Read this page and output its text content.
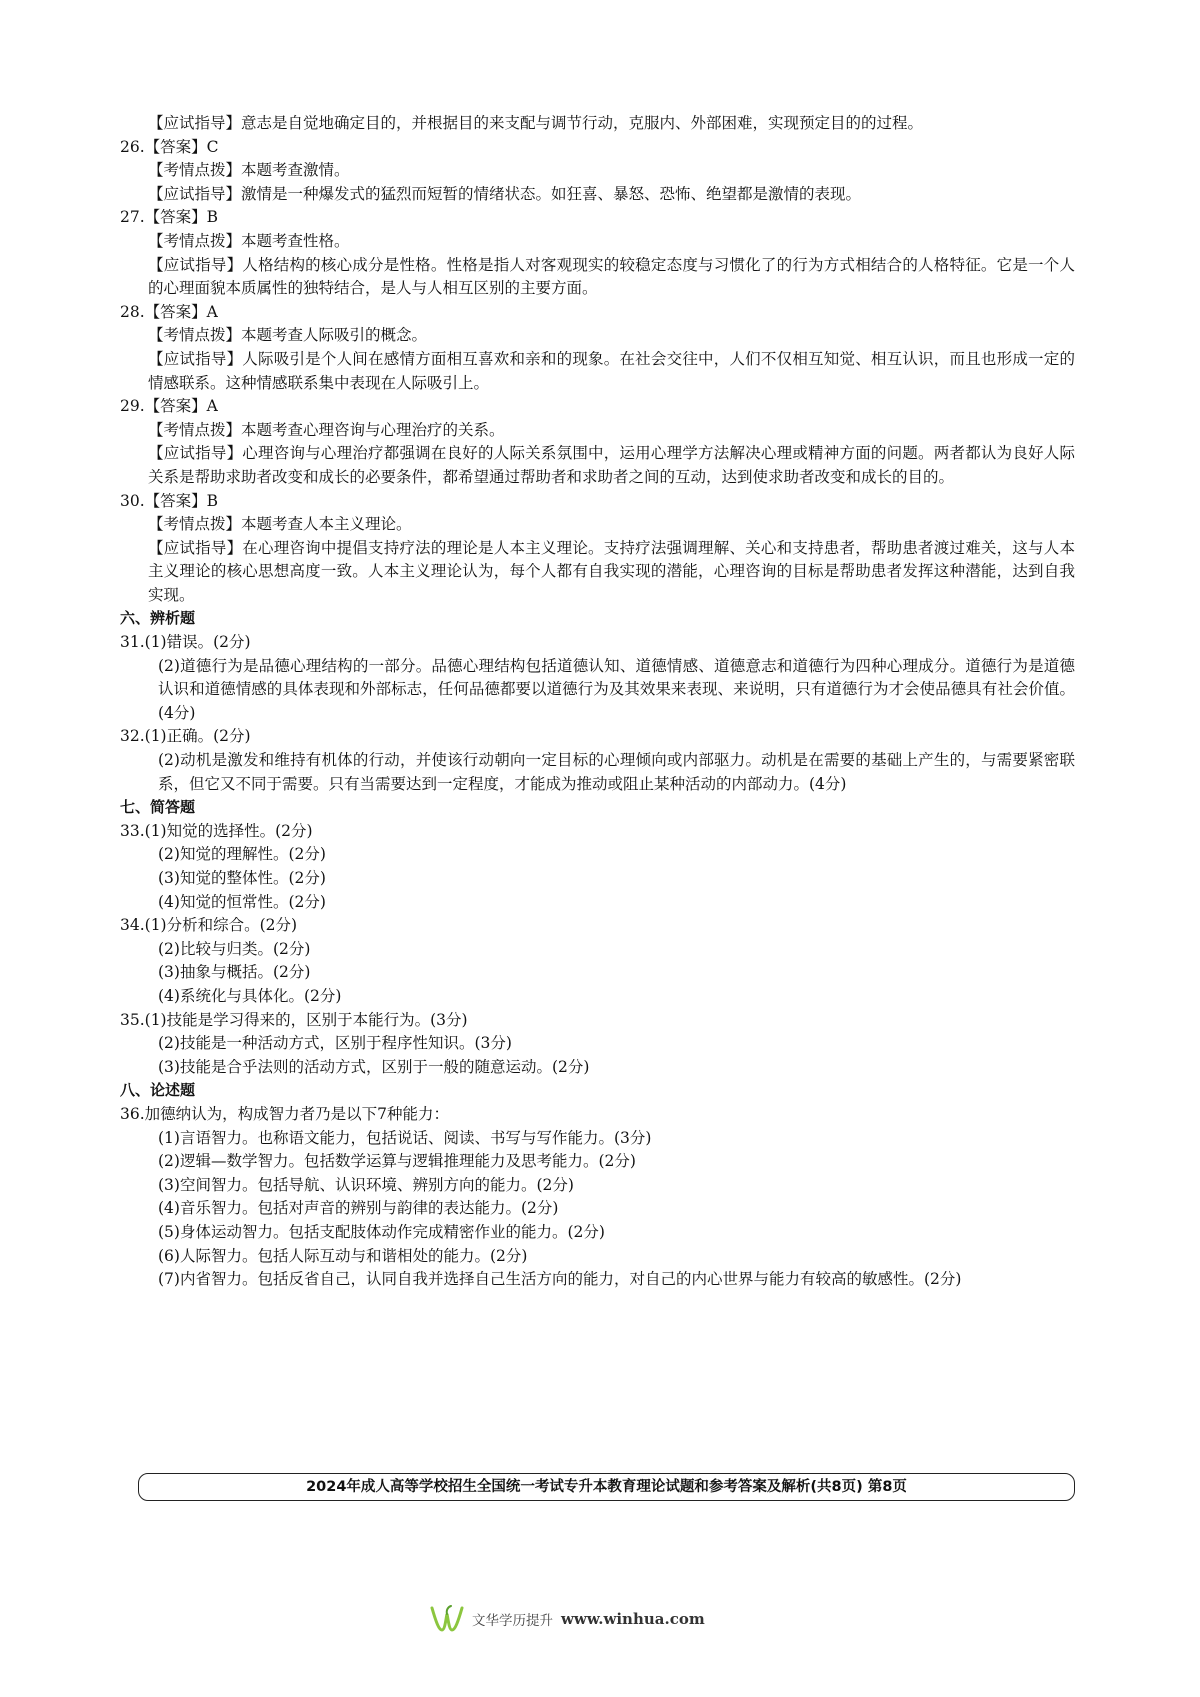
【应试指导】意志是自觉地确定目的，并根据目的来支配与调节行动，克服内、外部困难，实现预定目的的过程。
26.【答案】C
【考情点拨】本题考查激情。
【应试指导】激情是一种爆发式的猛烈而短暂的情绪状态。如狂喜、暴怒、恐怖、绝望都是激情的表现。
27.【答案】B
【考情点拨】本题考查性格。
【应试指导】人格结构的核心成分是性格。性格是指人对客观现实的较稳定态度与习惯化了的行为方式相结合的人格特征。它是一个人的心理面貌本质属性的独特结合，是人与人相互区别的主要方面。
28.【答案】A
【考情点拨】本题考查人际吸引的概念。
【应试指导】人际吸引是个人间在感情方面相互喜欢和亲和的现象。在社会交往中，人们不仅相互知觉、相互认识，而且也形成一定的情感联系。这种情感联系集中表现在人际吸引上。
29.【答案】A
【考情点拨】本题考查心理咨询与心理治疗的关系。
【应试指导】心理咨询与心理治疗都强调在良好的人际关系氛围中，运用心理学方法解决心理或精神方面的问题。两者都认为良好人际关系是帮助求助者改变和成长的必要条件，都希望通过帮助者和求助者之间的互动，达到使求助者改变和成长的目的。
30.【答案】B
【考情点拨】本题考查人本主义理论。
【应试指导】在心理咨询中提倡支持疗法的理论是人本主义理论。支持疗法强调理解、关心和支持患者，帮助患者渡过难关，这与人本主义理论的核心思想高度一致。人本主义理论认为，每个人都有自我实现的潜能，心理咨询的目标是帮助患者发挥这种潜能，达到自我实现。
六、辨析题
31.(1)错误。(2分)
(2)道德行为是品德心理结构的一部分。品德心理结构包括道德认知、道德情感、道德意志和道德行为四种心理成分。道德行为是道德认识和道德情感的具体表现和外部标志，任何品德都要以道德行为及其效果来表现、来说明，只有道德行为才会使品德具有社会价值。(4分)
32.(1)正确。(2分)
(2)动机是激发和维持有机体的行动，并使该行动朝向一定目标的心理倾向或内部驱力。动机是在需要的基础上产生的，与需要紧密联系，但它又不同于需要。只有当需要达到一定程度，才能成为推动或阻止某种活动的内部动力。(4分)
七、简答题
33.(1)知觉的选择性。(2分)
(2)知觉的理解性。(2分)
(3)知觉的整体性。(2分)
(4)知觉的恒常性。(2分)
34.(1)分析和综合。(2分)
(2)比较与归类。(2分)
(3)抽象与概括。(2分)
(4)系统化与具体化。(2分)
35.(1)技能是学习得来的，区别于本能行为。(3分)
(2)技能是一种活动方式，区别于程序性知识。(3分)
(3)技能是合乎法则的活动方式，区别于一般的随意运动。(2分)
八、论述题
36.加德纳认为，构成智力者乃是以下7种能力：
(1)言语智力。也称语文能力，包括说话、阅读、书写与写作能力。(3分)
(2)逻辑—数学智力。包括数学运算与逻辑推理能力及思考能力。(2分)
(3)空间智力。包括导航、认识环境、辨别方向的能力。(2分)
(4)音乐智力。包括对声音的辨别与韵律的表达能力。(2分)
(5)身体运动智力。包括支配肢体动作完成精密作业的能力。(2分)
(6)人际智力。包括人际互动与和谐相处的能力。(2分)
(7)内省智力。包括反省自己，认同自我并选择自己生活方向的能力，对自己的内心世界与能力有较高的敏感性。(2分)
2024年成人高等学校招生全国统一考试专升本教育理论试题和参考答案及解析(共8页) 第8页
文华学历提升 www.winhua.com
